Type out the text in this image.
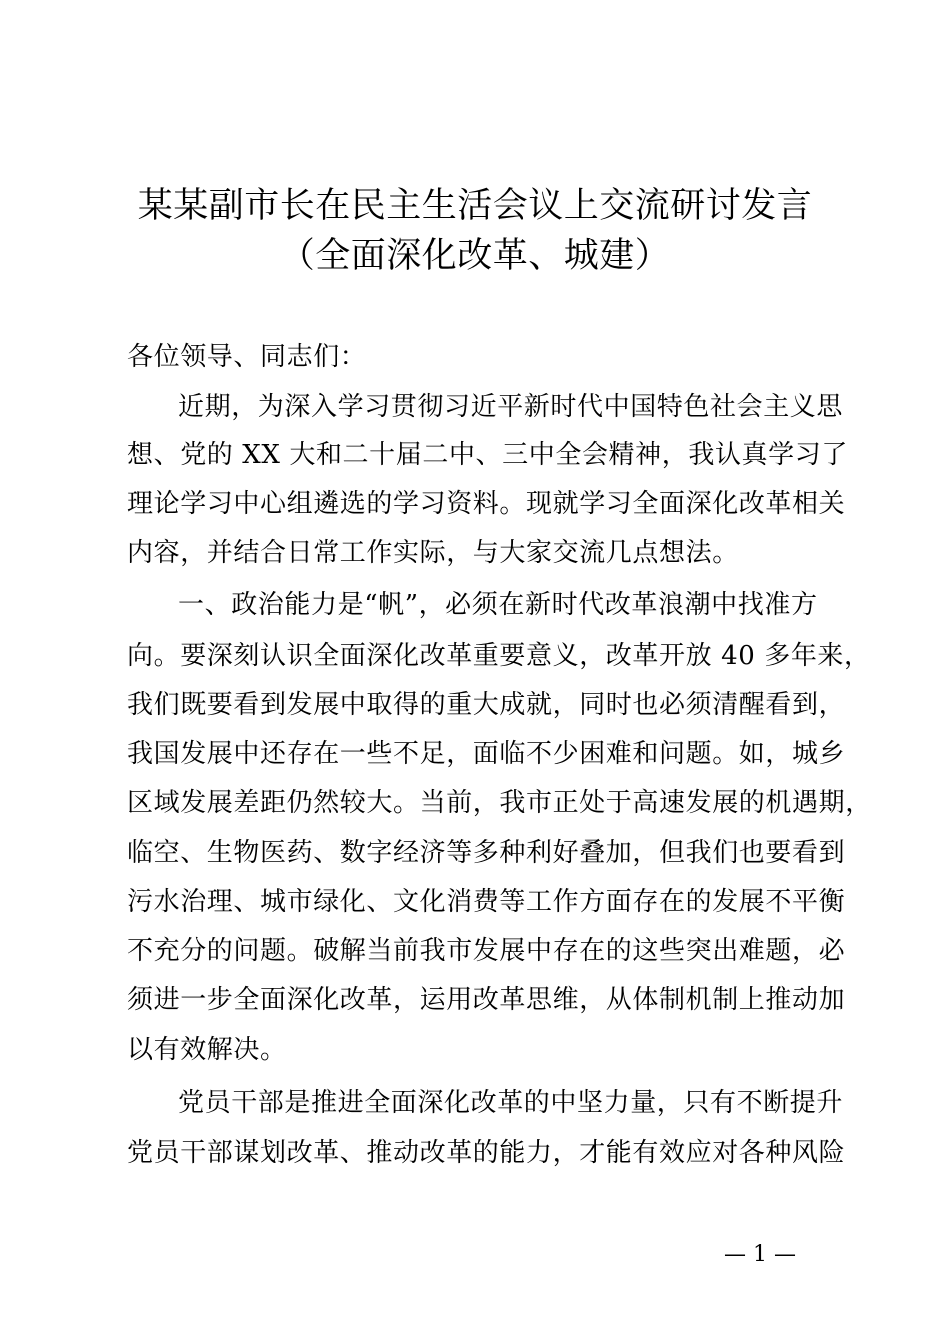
某某副市长在民主生活会议上交流研讨发言
（全面深化改革、城建）
各位领导、同志们：
近期，为深入学习贯彻习近平新时代中国特色社会主义思
想、党的 XX 大和二十届二中、三中全会精神，我认真学习了
理论学习中心组遴选的学习资料。现就学习全面深化改革相关
内容，并结合日常工作实际，与大家交流几点想法。
一、政治能力是“帆”，必须在新时代改革浪潮中找准方
向。要深刻认识全面深化改革重要意义，改革开放 40 多年来，
我们既要看到发展中取得的重大成就，同时也必须清醒看到，
我国发展中还存在一些不足，面临不少困难和问题。如，城乡
区域发展差距仍然较大。当前，我市正处于高速发展的机遇期，
临空、生物医药、数字经济等多种利好叠加，但我们也要看到
污水治理、城市绿化、文化消费等工作方面存在的发展不平衡
不充分的问题。破解当前我市发展中存在的这些突出难题，必
须进一步全面深化改革，运用改革思维，从体制机制上推动加
以有效解决。
党员干部是推进全面深化改革的中坚力量，只有不断提升
党员干部谋划改革、推动改革的能力，才能有效应对各种风险
— 1 —
